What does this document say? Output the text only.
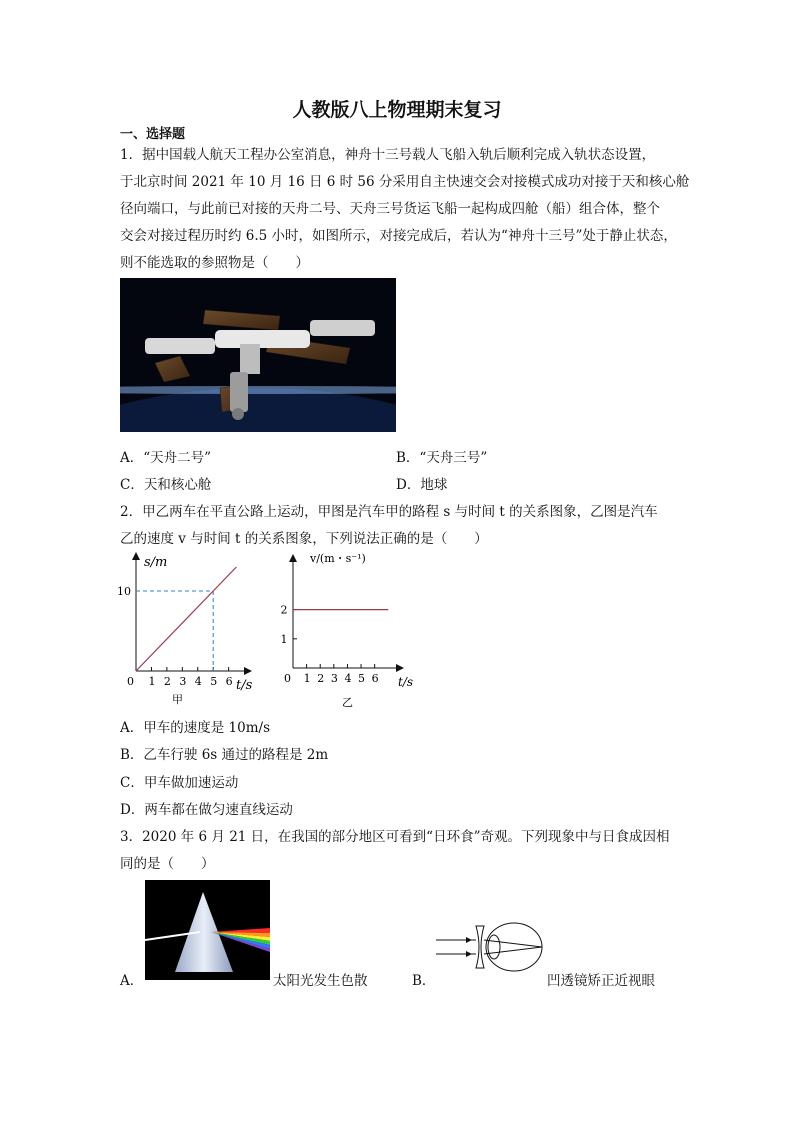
人教版八上物理期末复习
一、选择题
1．据中国载人航天工程办公室消息，神舟十三号载人飞船入轨后顺利完成入轨状态设置，
于北京时间 2021 年 10 月 16 日 6 时 56 分采用自主快速交会对接模式成功对接于天和核心舱
径向端口，与此前已对接的天舟二号、天舟三号货运飞船一起构成四舱（船）组合体，整个
交会对接过程历时约 6.5 小时，如图所示，对接完成后，若认为“神舟十三号”处于静止状态，
则不能选取的参照物是（　　）
A．“天舟二号”	B．“天舟三号”
C．天和核心舱	D．地球
2．甲乙两车在平直公路上运动，甲图是汽车甲的路程 s 与时间 t 的关系图象，乙图是汽车
乙的速度 v 与时间 t 的关系图象，下列说法正确的是（　　）
s/m
t/s
甲
0 1 2 3 4 5 6
10
v/(m・s⁻¹)
t/s
乙
0 1 2 3 4 5 6
1
2
A．甲车的速度是 10m/s
B．乙车行驶 6s 通过的路程是 2m
C．甲车做加速运动
D．两车都在做匀速直线运动
3．2020 年 6 月 21 日，在我国的部分地区可看到“日环食”奇观。下列现象中与日食成因相
同的是（　　）
A．	太阳光发生色散	B．	凹透镜矫正近视眼
